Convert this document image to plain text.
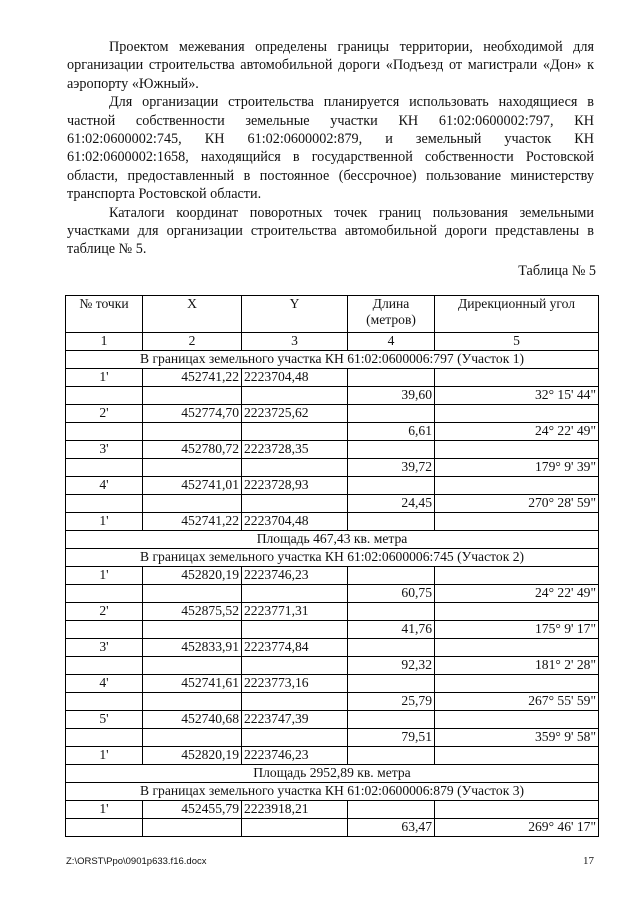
Проектом межевания определены границы территории, необходимой для организации строительства автомобильной дороги «Подъезд от магистрали «Дон» к аэропорту «Южный».

Для организации строительства планируется использовать находящиеся в частной собственности земельные участки КН 61:02:0600002:797, КН 61:02:0600002:745, КН 61:02:0600002:879, и земельный участок КН 61:02:0600002:1658, находящийся в государственной собственности Ростовской области, предоставленный в постоянное (бессрочное) пользование министерству транспорта Ростовской области.

Каталоги координат поворотных точек границ пользования земельными участками для организации строительства автомобильной дороги представлены в таблице № 5.

Таблица № 5
№ точки	X	Y	Длина (метров)	Дирекционный угол
1	2	3	4	5
В границах земельного участка КН 61:02:0600006:797 (Участок 1)				
1'	452741,22	2223704,48		
			39,60	32° 15' 44"
2'	452774,70	2223725,62		
			6,61	24° 22' 49"
3'	452780,72	2223728,35		
			39,72	179° 9' 39"
4'	452741,01	2223728,93		
			24,45	270° 28' 59"
1'	452741,22	2223704,48		
Площадь 467,43 кв. метра				
В границах земельного участка КН 61:02:0600006:745 (Участок 2)				
1'	452820,19	2223746,23		
			60,75	24° 22' 49"
2'	452875,52	2223771,31		
			41,76	175° 9' 17"
3'	452833,91	2223774,84		
			92,32	181° 2' 28"
4'	452741,61	2223773,16		
			25,79	267° 55' 59"
5'	452740,68	2223747,39		
			79,51	359° 9' 58"
1'	452820,19	2223746,23		
Площадь 2952,89 кв. метра				
В границах земельного участка КН 61:02:0600006:879 (Участок 3)				
1'	452455,79	2223918,21		
			63,47	269° 46' 17"
Z:\ORST\Ppo\0901p633.f16.docx	17
